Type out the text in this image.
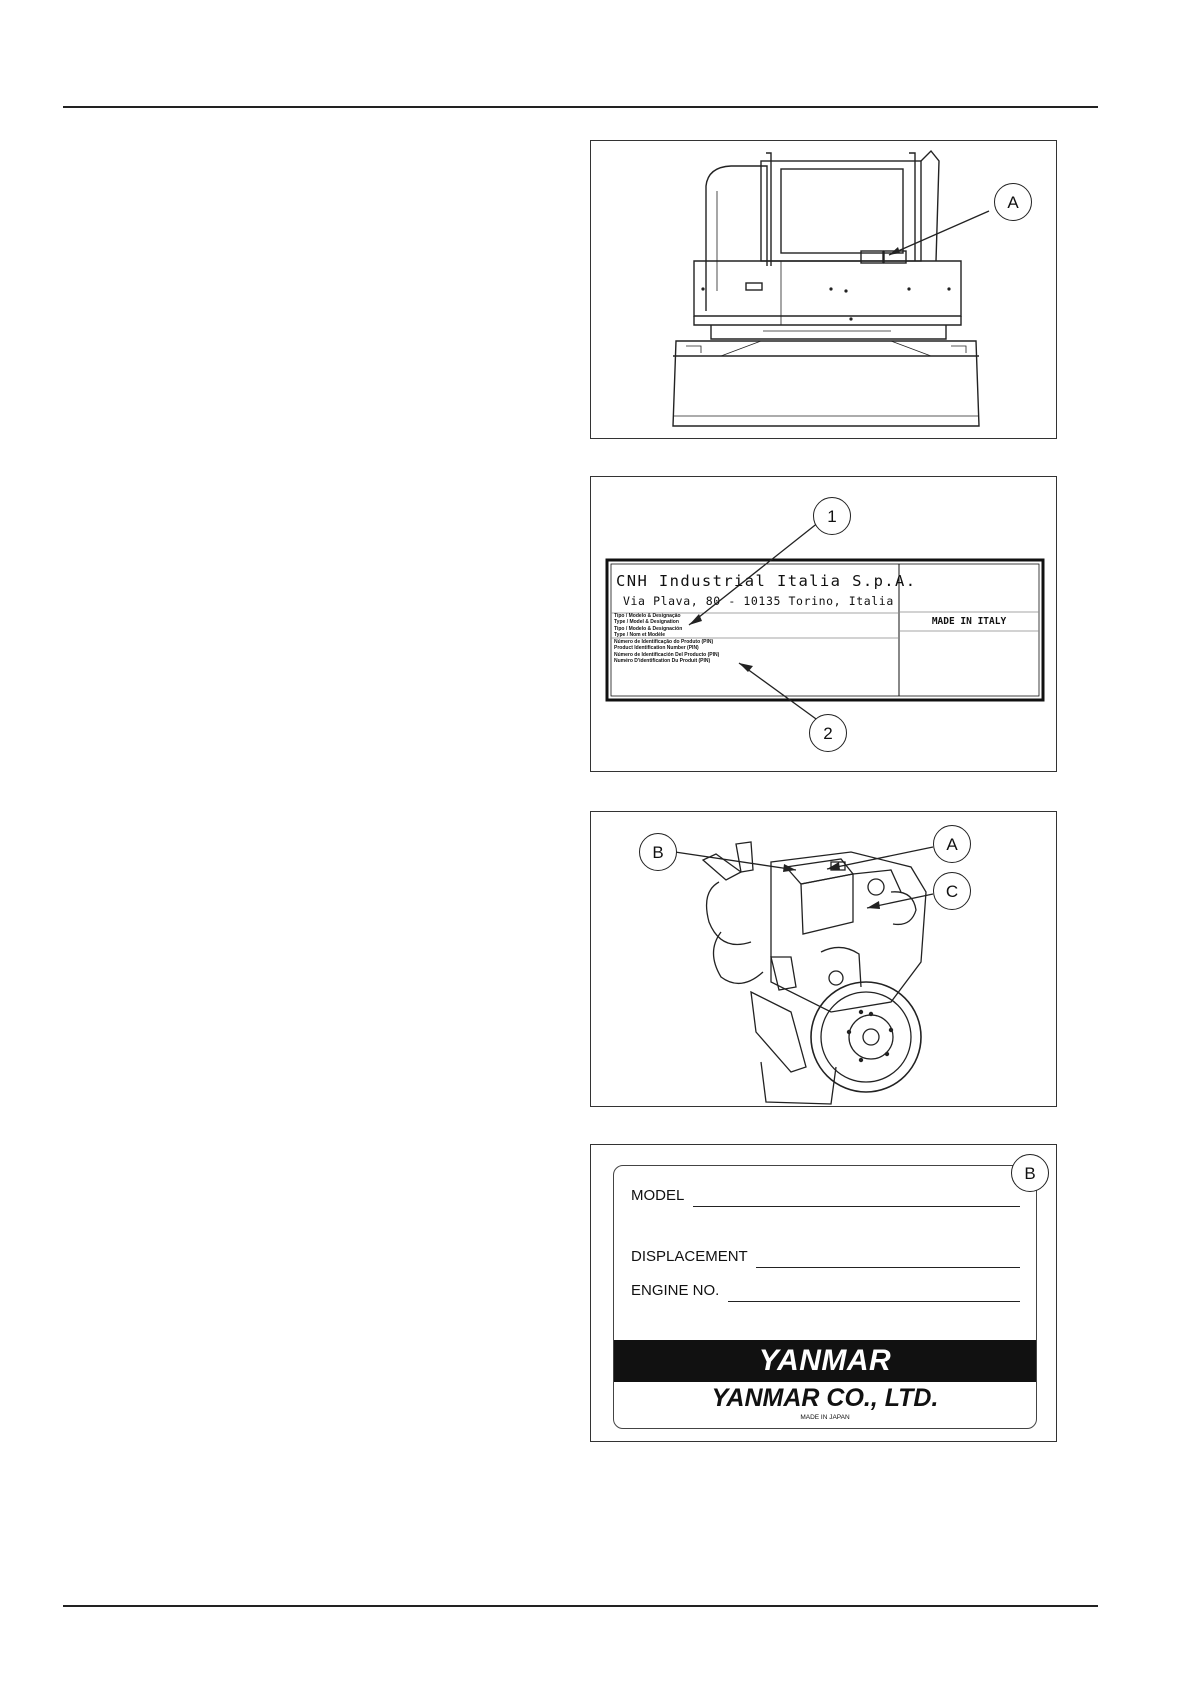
A
1
2
CNH Industrial Italia S.p.A.
Via Plava, 80 - 10135 Torino, Italia
Tipo / Modelo & Designação
Type / Model & Designation
Tipo / Modelo & Designación
Type / Nom et Modèle
Número de Identificação do Produto (PIN)
Product Identification Number (PIN)
Número de Identificación Del Producto (PIN)
Numéro D'identification Du Produit (PIN)
MADE IN ITALY
B	A
C
MODEL
DISPLACEMENT
ENGINE NO.
YANMAR
YANMAR CO., LTD.
MADE IN JAPAN
B
